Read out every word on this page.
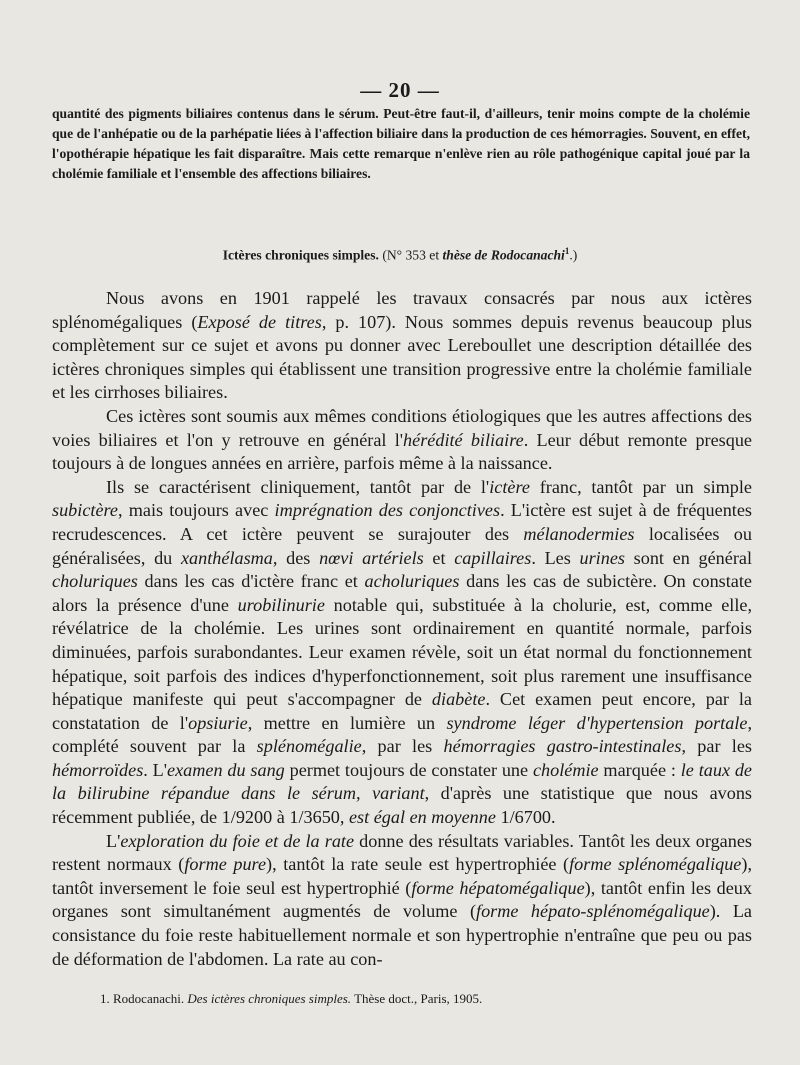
— 20 —
quantité des pigments biliaires contenus dans le sérum. Peut-être faut-il, d'ailleurs, tenir moins compte de la cholémie que de l'anhépatie ou de la parhépatie liées à l'affection biliaire dans la production de ces hémorragies. Souvent, en effet, l'opothérapie hépatique les fait disparaître. Mais cette remarque n'enlève rien au rôle pathogénique capital joué par la cholémie familiale et l'ensemble des affections biliaires.
Ictères chroniques simples. (N° 353 et thèse de Rodocanachi$^1$.)

Nous avons en 1901 rappelé les travaux consacrés par nous aux ictères splénomégaliques (Exposé de titres, p. 107). Nous sommes depuis revenus beaucoup plus complètement sur ce sujet et avons pu donner avec Lereboullet une description détaillée des ictères chroniques simples qui établissent une transition progressive entre la cholémie familiale et les cirrhoses biliaires.

Ces ictères sont soumis aux mêmes conditions étiologiques que les autres affections des voies biliaires et l'on y retrouve en général l'hérédité biliaire. Leur début remonte presque toujours à de longues années en arrière, parfois même à la naissance.

Ils se caractérisent cliniquement, tantôt par de l'ictère franc, tantôt par un simple subictère, mais toujours avec imprégnation des conjonctives. L'ictère est sujet à de fréquentes recrudescences. A cet ictère peuvent se surajouter des mélanodermies localisées ou généralisées, du xanthélasma, des nœvi artériels et capillaires. Les urines sont en général choluriques dans les cas d'ictère franc et acholuriques dans les cas de subictère. On constate alors la présence d'une urobilinurie notable qui, substituée à la cholurie, est, comme elle, révélatrice de la cholémie. Les urines sont ordinairement en quantité normale, parfois diminuées, parfois surabondantes. Leur examen révèle, soit un état normal du fonctionnement hépatique, soit parfois des indices d'hyperfonctionnement, soit plus rarement une insuffisance hépatique manifeste qui peut s'accompagner de diabète. Cet examen peut encore, par la constatation de l'opsiurie, mettre en lumière un syndrome léger d'hypertension portale, complété souvent par la splénomégalie, par les hémorragies gastro-intestinales, par les hémorroïdes. L'examen du sang permet toujours de constater une cholémie marquée : le taux de la bilirubine répandue dans le sérum, variant, d'après une statistique que nous avons récemment publiée, de 1/9200 à 1/3650, est égal en moyenne 1/6700.

L'exploration du foie et de la rate donne des résultats variables. Tantôt les deux organes restent normaux (forme pure), tantôt la rate seule est hypertrophiée (forme splénomégalique), tantôt inversement le foie seul est hypertrophié (forme hépatomégalique), tantôt enfin les deux organes sont simultanément augmentés de volume (forme hépato-splénomégalique). La consistance du foie reste habituellement normale et son hypertrophie n'entraîne que peu ou pas de déformation de l'abdomen. La rate au con-

1. Rodocanachi. Des ictères chroniques simples. Thèse doct., Paris, 1905.
